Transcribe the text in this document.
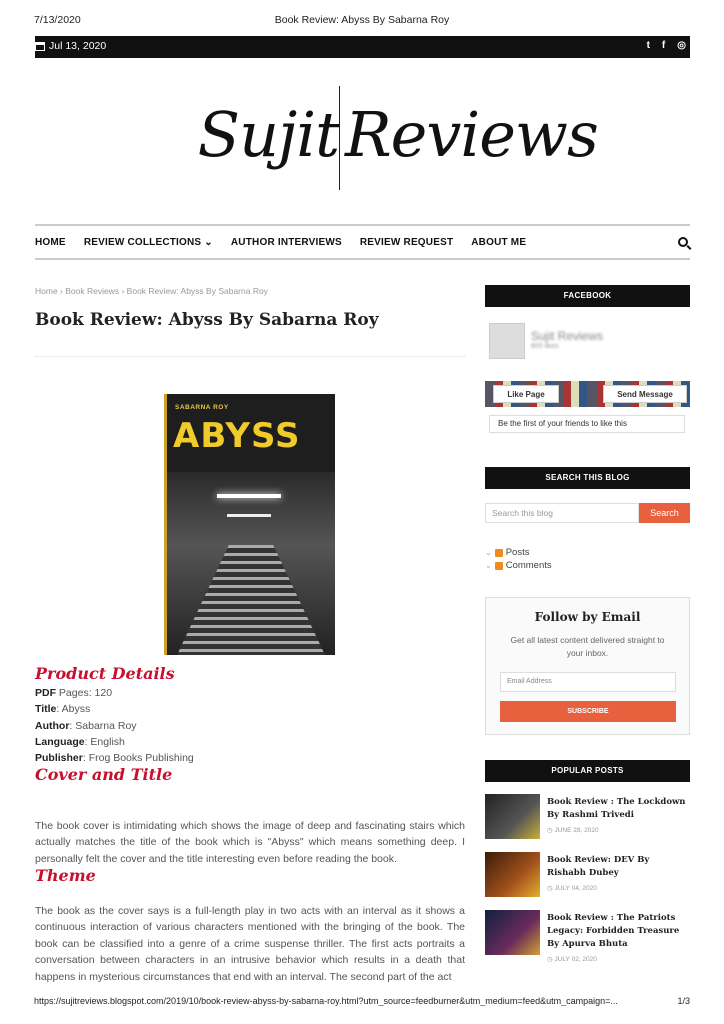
7/13/2020	Book Review: Abyss By Sabarna Roy
Jul 13, 2020	t f ◎
Sujit Reviews
HOME REVIEW COLLECTIONS ⌄ AUTHOR INTERVIEWS REVIEW REQUEST ABOUT ME
Home › Book Reviews › Book Review: Abyss By Sabarna Roy
Book Review: Abyss By Sabarna Roy
SABARNA ROY
ABYSS
Product Details
PDF Pages: 120
Title: Abyss
Author: Sabarna Roy
Language: English
Publisher: Frog Books Publishing
Cover and Title
The book cover is intimidating which shows the image of deep and fascinating stairs which actually matches the title of the book which is "Abyss" which means something deep. I personally felt the cover and the title interesting even before reading the book.
Theme
The book as the cover says is a full-length play in two acts with an interval as it shows a continuous interaction of various characters mentioned with the bringing of the book. The book can be classified into a genre of a crime suspense thriller. The first acts portraits a conversation between characters in an intrusive behavior which results in a death that happens in mysterious circumstances that end with an interval. The second part of the act
FACEBOOK
Sujit Reviews
805 likes
Like Page	Send Message
Be the first of your friends to like this
SEARCH THIS BLOG
Search this blog	Search
⌄ Posts
⌄ Comments
Follow by Email
Get all latest content delivered straight to your inbox.
Email Address
SUBSCRIBE
POPULAR POSTS
Book Review : The Lockdown By Rashmi Trivedi
◷ JUNE 28, 2020
Book Review: DEV By Rishabh Dubey
◷ JULY 04, 2020
Book Review : The Patriots Legacy: Forbidden Treasure By Apurva Bhuta
◷ JULY 02, 2020
https://sujitreviews.blogspot.com/2019/10/book-review-abyss-by-sabarna-roy.html?utm_source=feedburner&utm_medium=feed&utm_campaign=...	1/3
